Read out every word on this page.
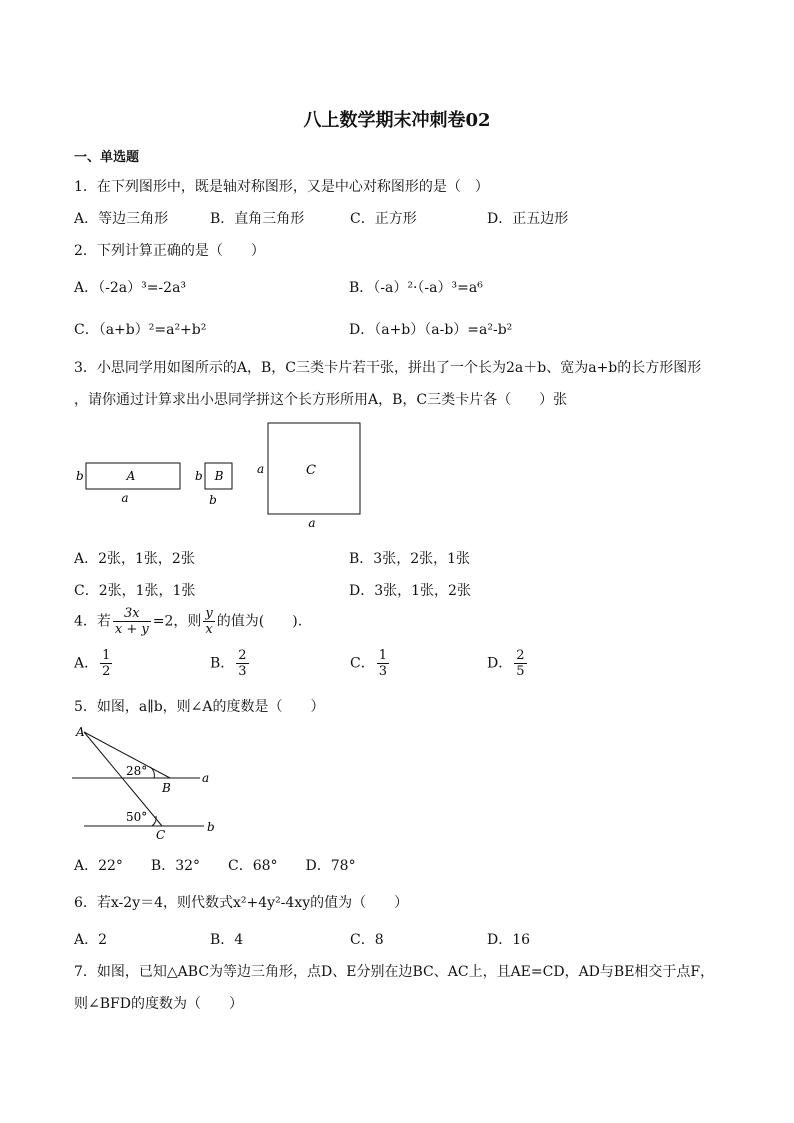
八上数学期末冲刺卷02
一、单选题
1．在下列图形中，既是轴对称图形，又是中心对称图形的是（　）
A．等边三角形	B．直角三角形	C．正方形	D．正五边形
2．下列计算正确的是（　　）
A．（-2a）³=-2a³	B．（-a）²·（-a）³=a⁶
C．（a+b）²=a²+b²	D．（a+b）（a-b）=a²-b²
3．小思同学用如图所示的A，B，C三类卡片若干张，拼出了一个长为2a＋b、宽为a+b的长方形图形
，请你通过计算求出小思同学拼这个长方形所用A，B，C三类卡片各（　　）张
A
b
a
B
b
b
C
a
a
A．2张，1张，2张	B．3张，2张，1张
C．2张，1张，1张	D．3张，1张，2张
4．若 $\frac{3x}{x + y} =2$，则 $\frac{y}{x}$ 的值为(　　).
A． $\frac{1}{2}$	B． $\frac{2}{3}$	C． $\frac{1}{3}$	D． $\frac{2}{5}$
5．如图，a∥b，则∠A的度数是（　　）
A
B
C
a
b
28°
50°
A．22°　　B．32°　　C．68°　　D．78°
6．若x-2y＝4，则代数式x²+4y²-4xy的值为（　　）
A．2	B．4	C．8	D．16
7．如图，已知△ABC为等边三角形，点D、E分别在边BC、AC上，且AE=CD，AD与BE相交于点F，
则∠BFD的度数为（　　）
